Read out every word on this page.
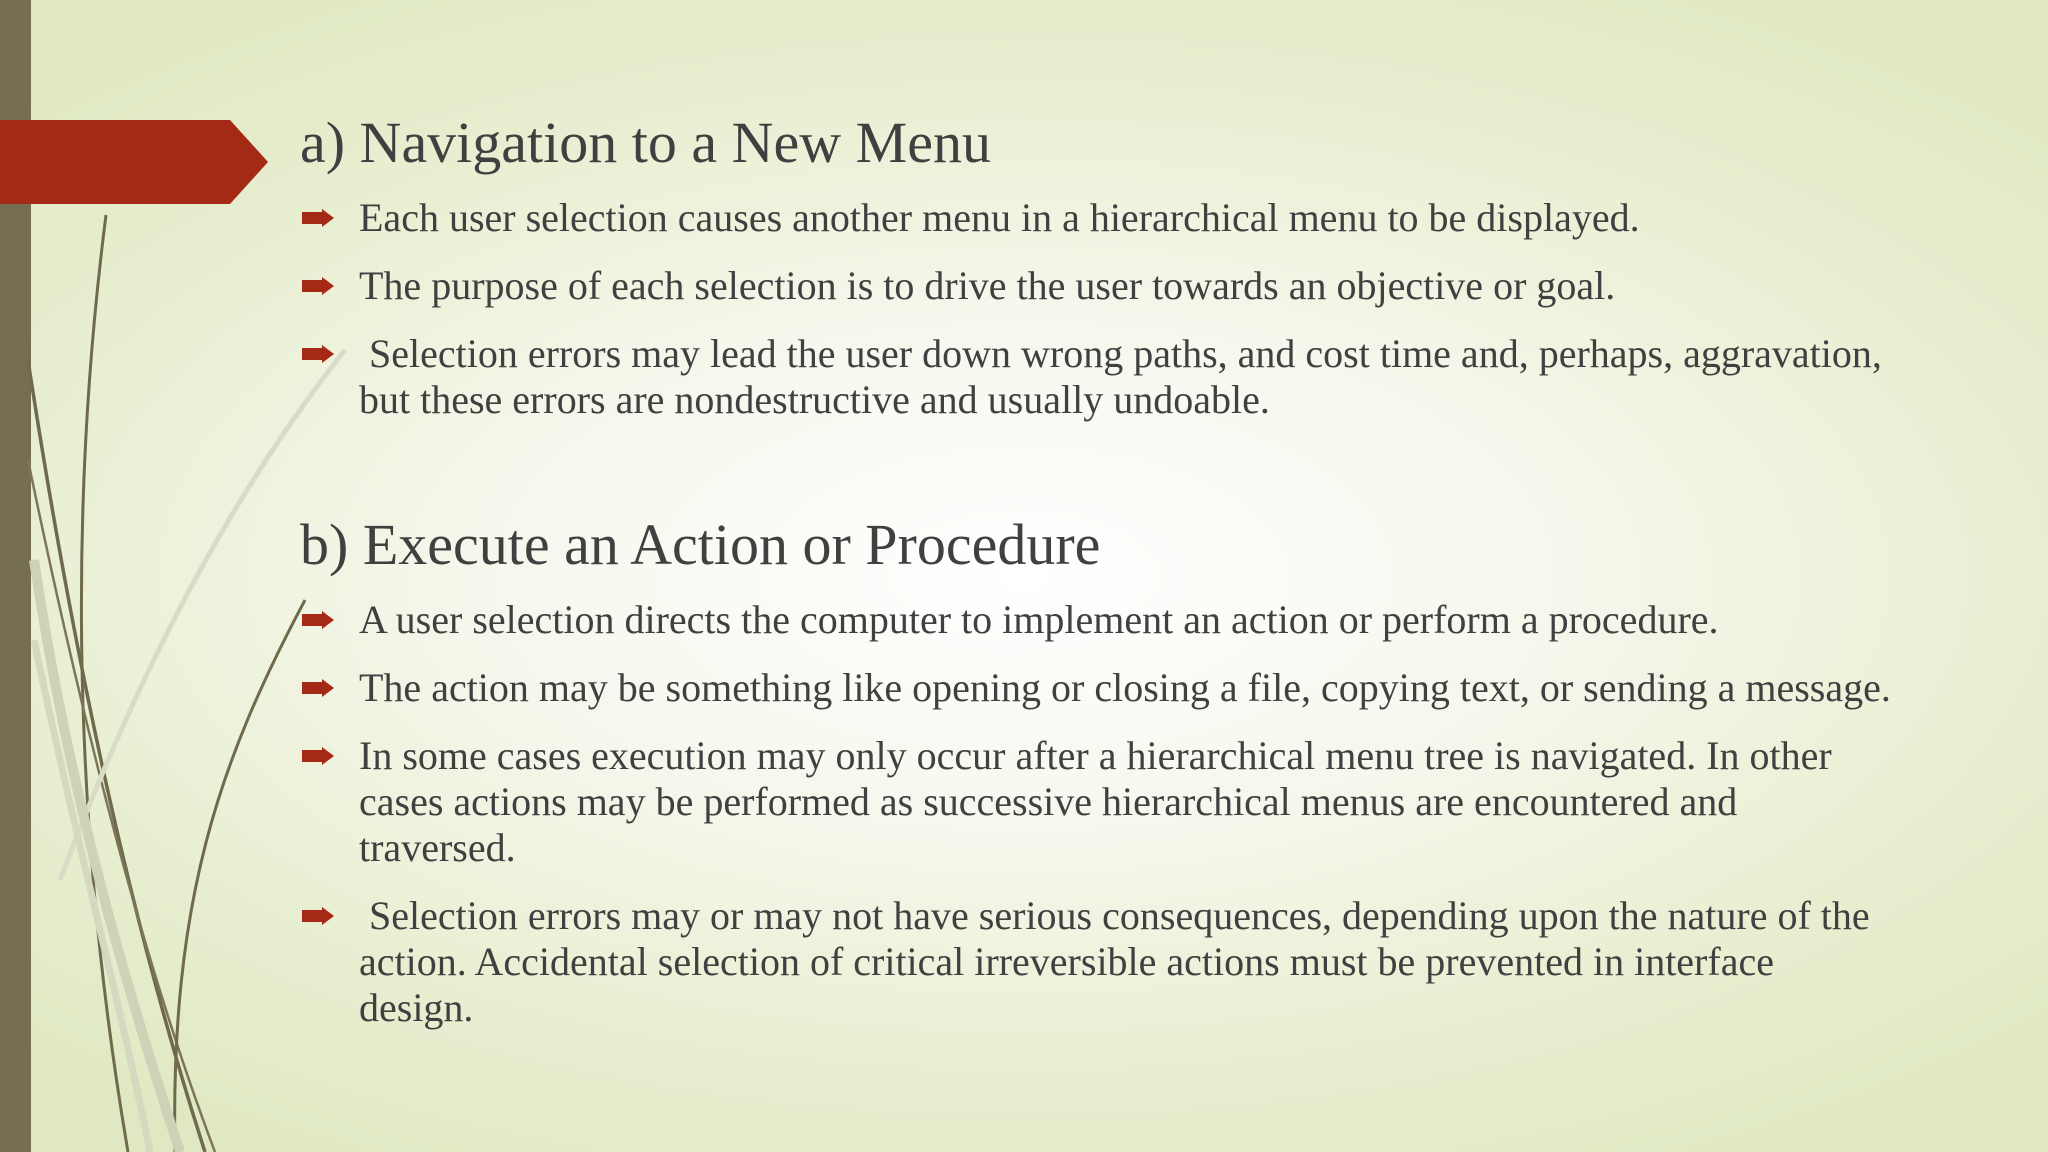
a) Navigation to a New Menu
Each user selection causes another menu in a hierarchical menu to be displayed.
The purpose of each selection is to drive the user towards an objective or goal.
Selection errors may lead the user down wrong paths, and cost time and, perhaps, aggravation,
but these errors are nondestructive and usually undoable.
b) Execute an Action or Procedure
A user selection directs the computer to implement an action or perform a procedure.
The action may be something like opening or closing a file, copying text, or sending a message.
In some cases execution may only occur after a hierarchical menu tree is navigated. In other
cases actions may be performed as successive hierarchical menus are encountered and
traversed.
Selection errors may or may not have serious consequences, depending upon the nature of the
action. Accidental selection of critical irreversible actions must be prevented in interface
design.
